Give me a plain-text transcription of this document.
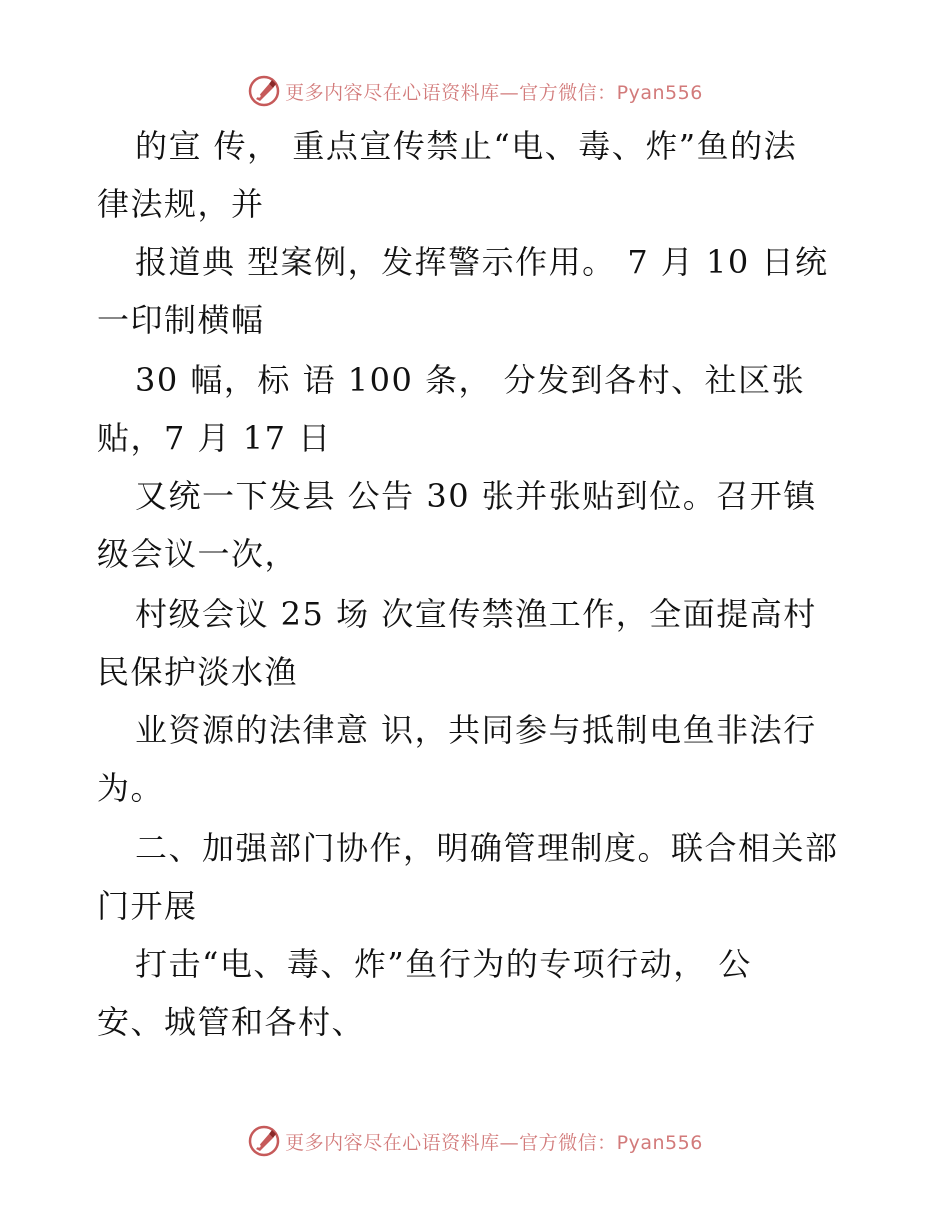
更多内容尽在心语资料库—官方微信：Pyan556
的宣 传， 重点宣传禁止“电、毒、炸”鱼的法
律法规，并
报道典 型案例，发挥警示作用。 7 月 10 日统
一印制横幅
30 幅，标 语 100 条， 分发到各村、社区张
贴，7 月 17 日
又统一下发县 公告 30 张并张贴到位。召开镇
级会议一次，
村级会议 25 场 次宣传禁渔工作，全面提高村
民保护淡水渔
业资源的法律意 识，共同参与抵制电鱼非法行
为。
二、加强部门协作，明确管理制度。联合相关部
门开展
打击“电、毒、炸”鱼行为的专项行动， 公
安、城管和各村、
更多内容尽在心语资料库—官方微信：Pyan556
